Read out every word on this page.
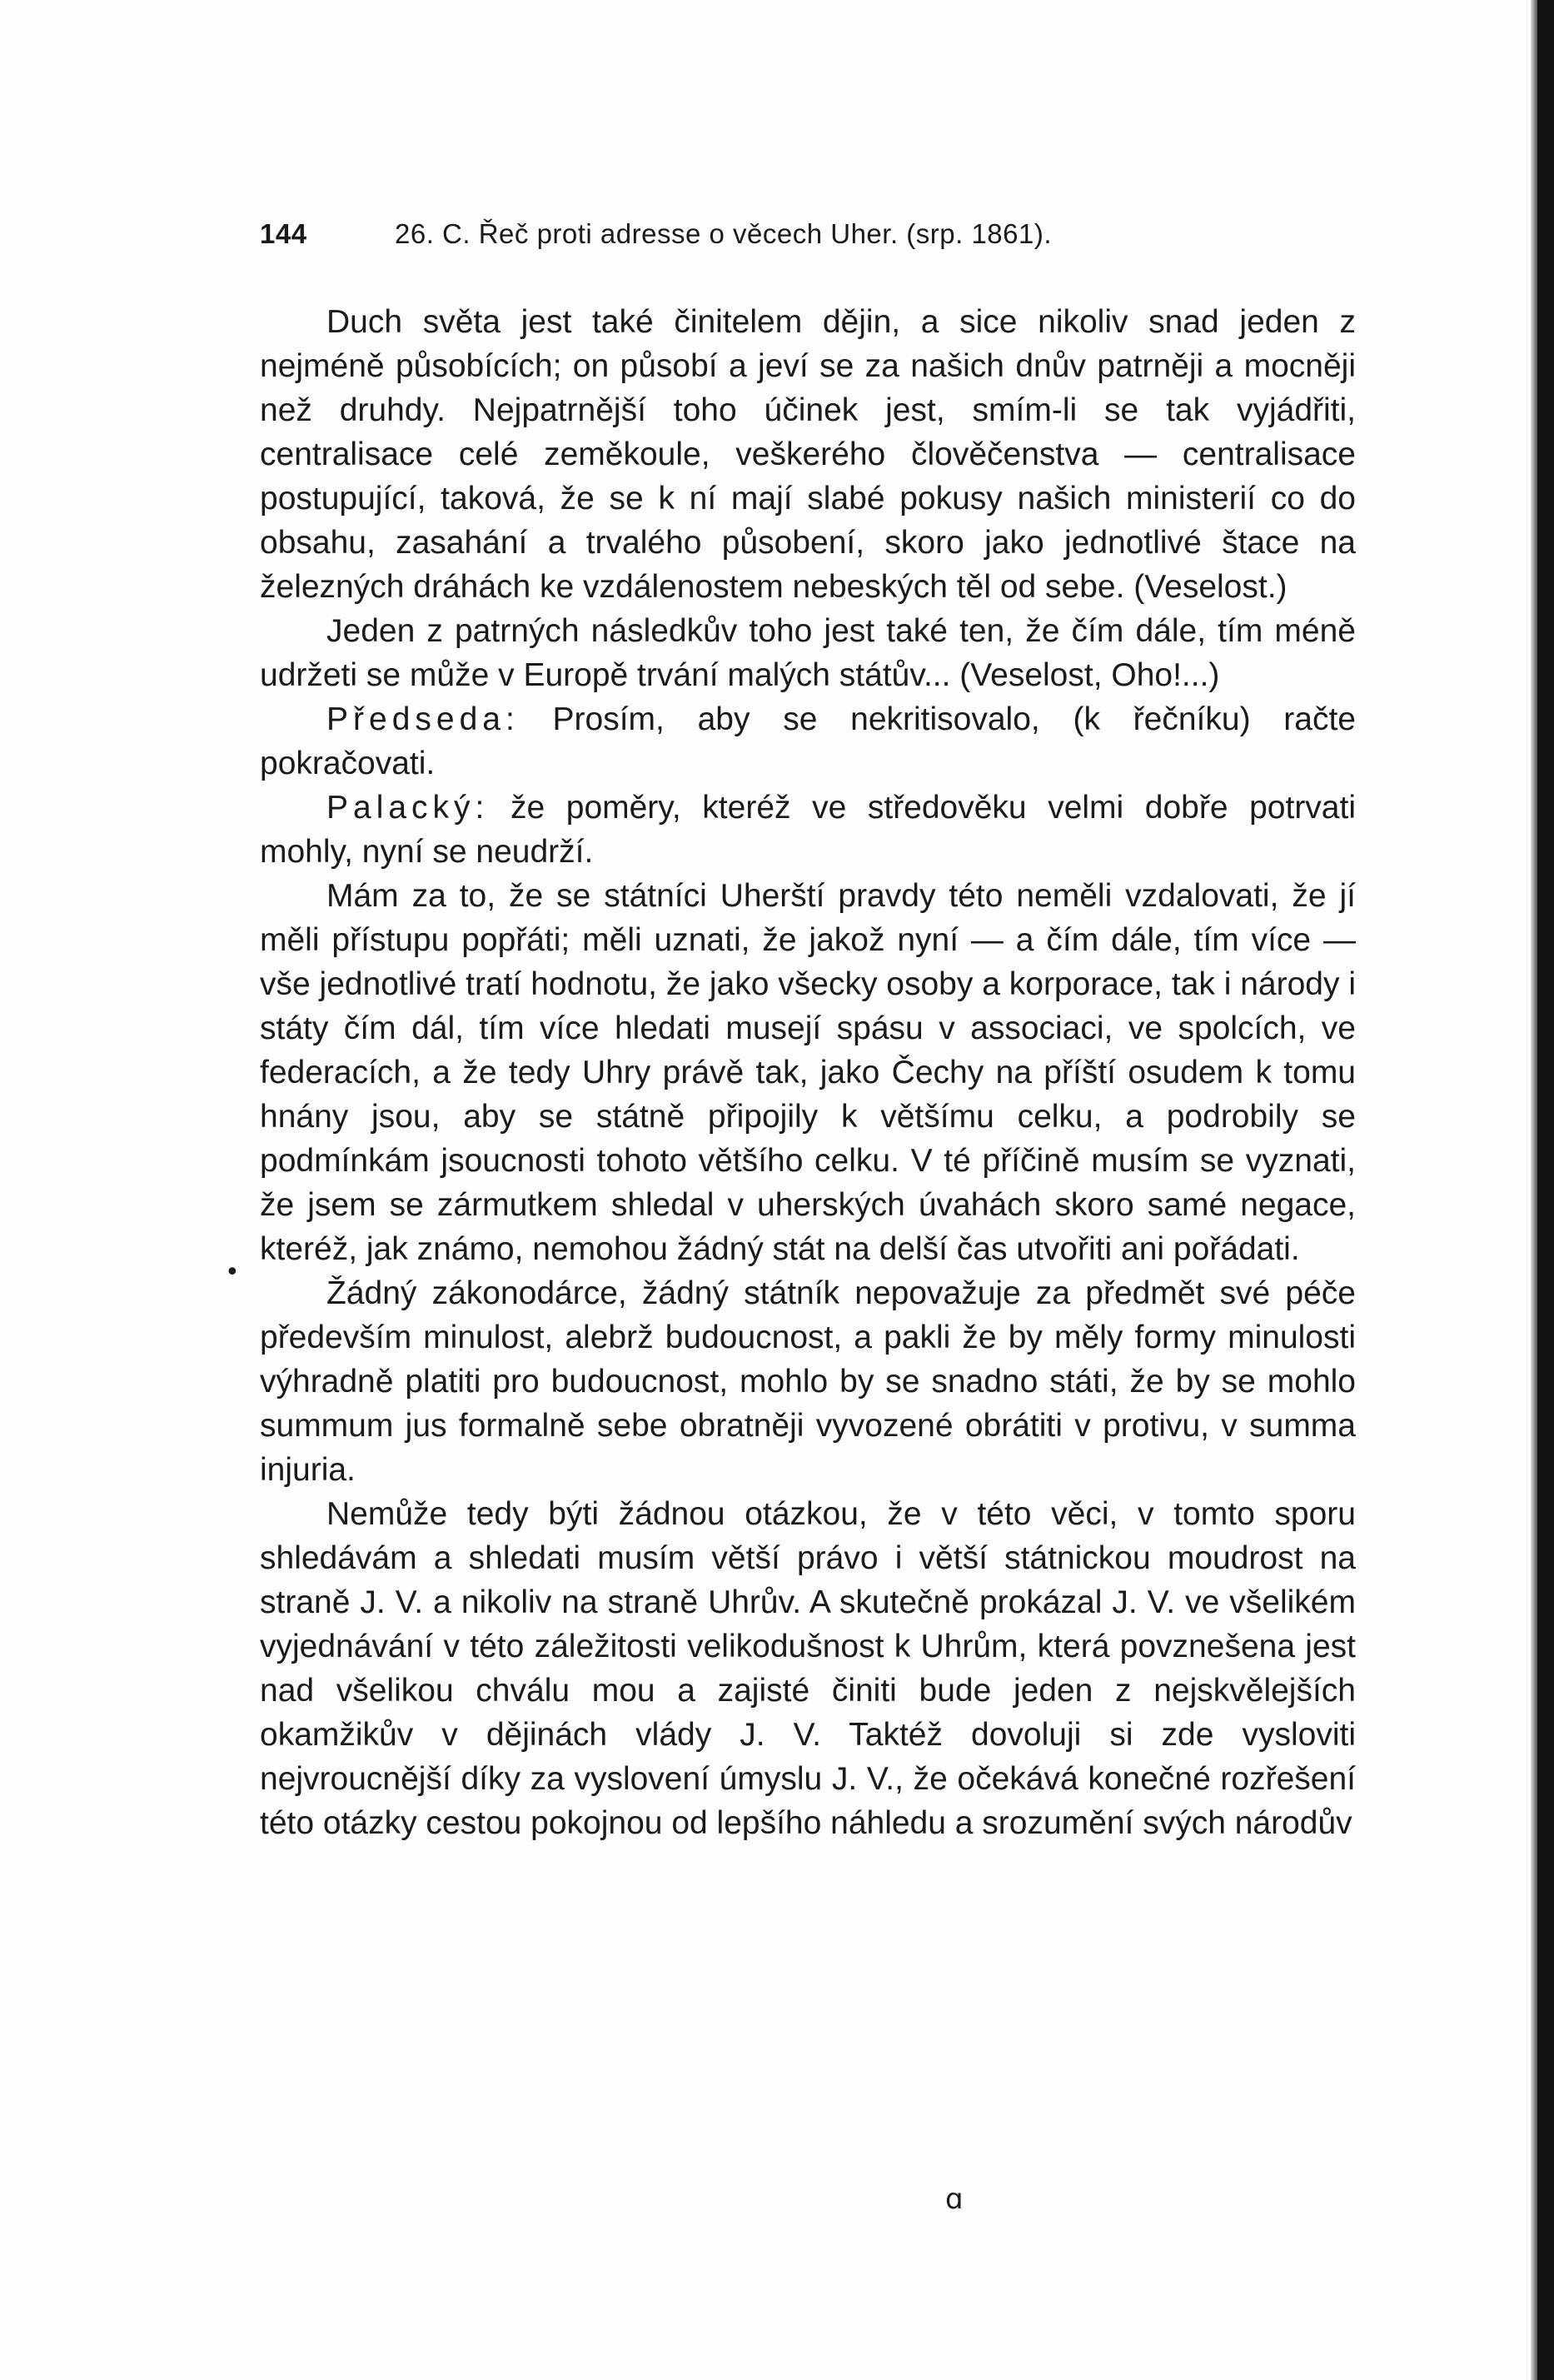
144	26. C. Řeč proti adresse o věcech Uher. (srp. 1861).

Duch světa jest také činitelem dějin, a sice nikoliv snad jeden z nejméně působících; on působí a jeví se za našich dnův patrněji a mocněji než druhdy. Nejpatrnější toho účinek jest, smím-li se tak vyjádřiti, centralisace celé zeměkoule, veškerého člověčenstva — centralisace postupující, taková, že se k ní mají slabé pokusy našich ministerií co do obsahu, zasahání a trvalého působení, skoro jako jednotlivé štace na železných dráhách ke vzdálenostem nebeských těl od sebe. (Veselost.)

Jeden z patrných následkův toho jest také ten, že čím dále, tím méně udržeti se může v Europě trvání malých státův... (Veselost, Oho!...)

Předseda: Prosím, aby se nekritisovalo, (k řečníku) račte pokračovati.

Palacký: že poměry, kteréž ve středověku velmi dobře potrvati mohly, nyní se neudrží.

Mám za to, že se státníci Uherští pravdy této neměli vzdalovati, že jí měli přístupu popřáti; měli uznati, že jakož nyní — a čím dále, tím více — vše jednotlivé tratí hodnotu, že jako všecky osoby a korporace, tak i národy i státy čím dál, tím více hledati musejí spásu v associaci, ve spolcích, ve federacích, a že tedy Uhry právě tak, jako Čechy na příští osudem k tomu hnány jsou, aby se státně připojily k většímu celku, a podrobily se podmínkám jsoucnosti tohoto většího celku. V té příčině musím se vyznati, že jsem se zármutkem shledal v uherských úvahách skoro samé negace, kteréž, jak známo, nemohou žádný stát na delší čas utvořiti ani pořádati.

Žádný zákonodárce, žádný státník nepovažuje za předmět své péče především minulost, alebrž budoucnost, a pakli že by měly formy minulosti výhradně platiti pro budoucnost, mohlo by se snadno státi, že by se mohlo summum jus formalně sebe obratněji vyvozené obrátiti v protivu, v summa injuria.

Nemůže tedy býti žádnou otázkou, že v této věci, v tomto sporu shledávám a shledati musím větší právo i větší státnickou moudrost na straně J. V. a nikoliv na straně Uhrův. A skutečně prokázal J. V. ve všelikém vyjednávání v této záležitosti velikodušnost k Uhrům, která povznešena jest nad všelikou chválu mou a zajisté činiti bude jeden z nejskvělejších okamžikův v dějinách vlády J. V. Taktéž dovoluji si zde vysloviti nejvroucnější díky za vyslovení úmyslu J. V., že očekává konečné rozřešení této otázky cestou pokojnou od lepšího náhledu a srozumění svých národův

•
ɑ
